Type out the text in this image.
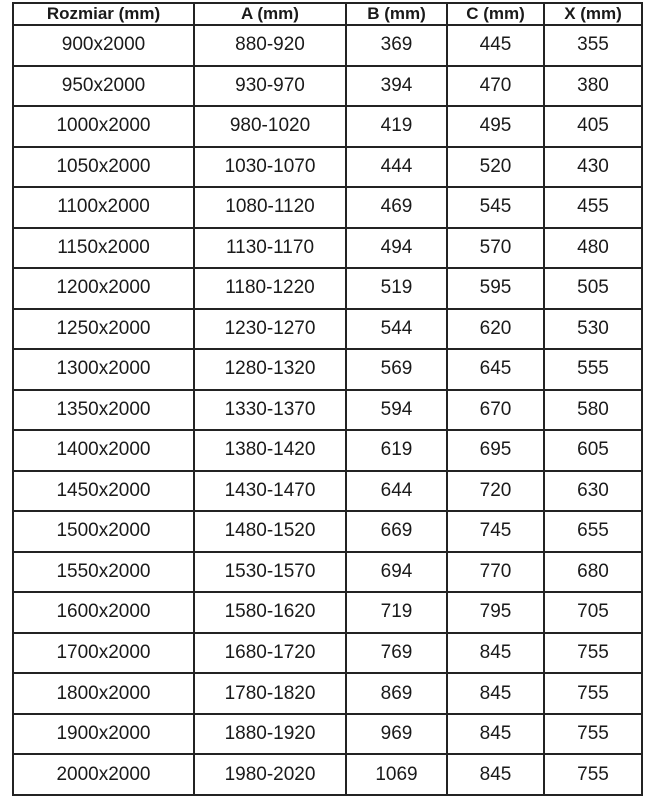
Rozmiar (mm)	A (mm)	B (mm)	C (mm)	X (mm)
900x2000	880-920	369	445	355
950x2000	930-970	394	470	380
1000x2000	980-1020	419	495	405
1050x2000	1030-1070	444	520	430
1100x2000	1080-1120	469	545	455
1150x2000	1130-1170	494	570	480
1200x2000	1180-1220	519	595	505
1250x2000	1230-1270	544	620	530
1300x2000	1280-1320	569	645	555
1350x2000	1330-1370	594	670	580
1400x2000	1380-1420	619	695	605
1450x2000	1430-1470	644	720	630
1500x2000	1480-1520	669	745	655
1550x2000	1530-1570	694	770	680
1600x2000	1580-1620	719	795	705
1700x2000	1680-1720	769	845	755
1800x2000	1780-1820	869	845	755
1900x2000	1880-1920	969	845	755
2000x2000	1980-2020	1069	845	755
